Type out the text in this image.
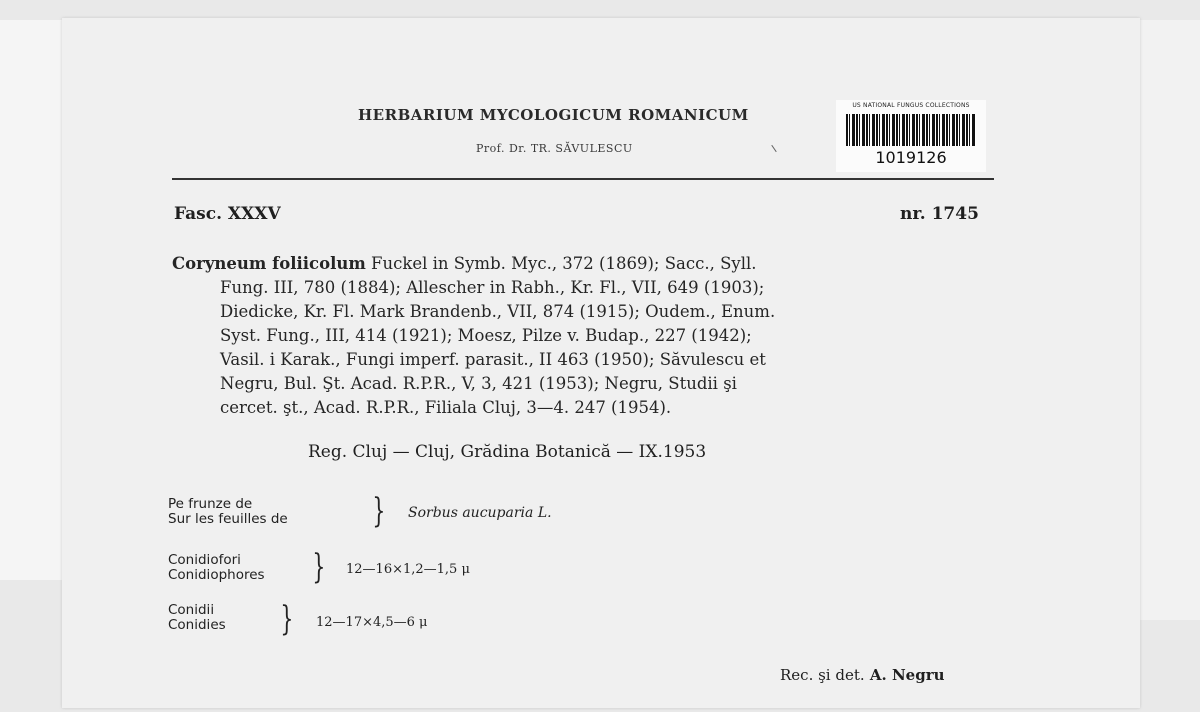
HERBARIUM MYCOLOGICUM ROMANICUM
Prof. Dr. TR. SĂVULESCU
US NATIONAL FUNGUS COLLECTIONS
1019126
Fasc. XXXV	nr. 1745
Coryneum foliicolum Fuckel in Symb. Myc., 372 (1869); Sacc., Syll.
Fung. III, 780 (1884); Allescher in Rabh., Kr. Fl., VII, 649 (1903);
Diedicke, Kr. Fl. Mark Brandenb., VII, 874 (1915); Oudem., Enum.
Syst. Fung., III, 414 (1921); Moesz, Pilze v. Budap., 227 (1942);
Vasil. i Karak., Fungi imperf. parasit., II 463 (1950); Săvulescu et
Negru, Bul. Şt. Acad. R.P.R., V, 3, 421 (1953); Negru, Studii şi
cercet. şt., Acad. R.P.R., Filiala Cluj, 3—4. 247 (1954).
Reg. Cluj — Cluj, Grădina Botanică — IX.1953
Pe frunze de
Sur les feuilles de } Sorbus aucuparia L.
Conidiofori
Conidiophores } 12—16×1,2—1,5 μ
Conidii
Conidies } 12—17×4,5—6 μ
Rec. şi det. A. Negru
